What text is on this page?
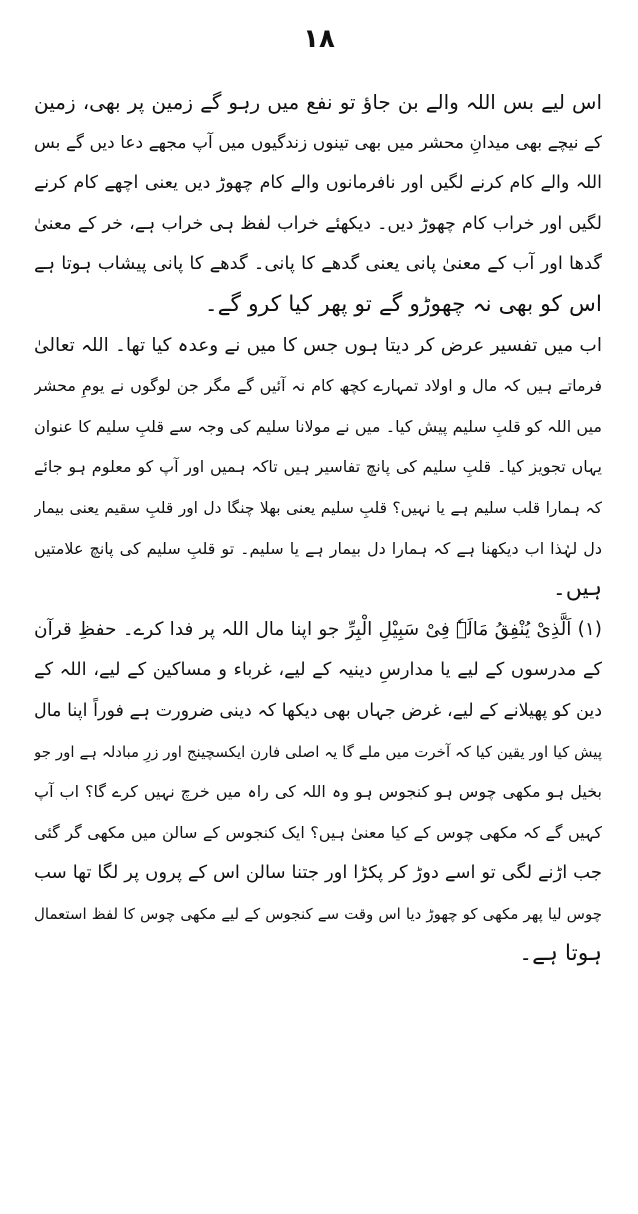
۱۸
اس لیے بس اللہ والے بن جاؤ تو نفع میں رہو گے زمین پر بھی، زمین
کے نیچے بھی میدانِ محشر میں بھی تینوں زندگیوں میں آپ مجھے دعا دیں گے بس
اللہ والے کام کرنے لگیں اور نافرمانوں والے کام چھوڑ دیں یعنی اچھے کام کرنے
لگیں اور خراب کام چھوڑ دیں۔ دیکھئے خراب لفظ ہی خراب ہے، خر کے معنیٰ
گدھا اور آب کے معنیٰ پانی یعنی گدھے کا پانی۔ گدھے کا پانی پیشاب ہوتا ہے
اس کو بھی نہ چھوڑو گے تو پھر کیا کرو گے۔
اب میں تفسیر عرض کر دیتا ہوں جس کا میں نے وعدہ کیا تھا۔ اللہ تعالیٰ
فرماتے ہیں کہ مال و اولاد تمہارے کچھ کام نہ آئیں گے مگر جن لوگوں نے یومِ محشر
میں اللہ کو قلبِ سلیم پیش کیا۔ میں نے مولانا سلیم کی وجہ سے قلبِ سلیم کا عنوان
یہاں تجویز کیا۔ قلبِ سلیم کی پانچ تفاسیر ہیں تاکہ ہمیں اور آپ کو معلوم ہو جائے
کہ ہمارا قلب سلیم ہے یا نہیں؟ قلبِ سلیم یعنی بھلا چنگا دل اور قلبِ سقیم یعنی بیمار
دل لہٰذا اب دیکھنا ہے کہ ہمارا دل بیمار ہے یا سلیم۔ تو قلبِ سلیم کی پانچ علامتیں
ہیں۔
(۱) اَلَّذِیْ یُنْفِقُ مَالَہٗ فِیْ سَبِیْلِ الْبِرِّ جو اپنا مال اللہ پر فدا کرے۔ حفظِ قرآن
کے مدرسوں کے لیے یا مدارسِ دینیہ کے لیے، غرباء و مساکین کے لیے، اللہ کے
دین کو پھیلانے کے لیے، غرض جہاں بھی دیکھا کہ دینی ضرورت ہے فوراً اپنا مال
پیش کیا اور یقین کیا کہ آخرت میں ملے گا یہ اصلی فارن ایکسچینج اور زرِ مبادلہ ہے اور جو
بخیل ہو مکھی چوس ہو کنجوس ہو وہ اللہ کی راہ میں خرچ نہیں کرے گا؟ اب آپ
کہیں گے کہ مکھی چوس کے کیا معنیٰ ہیں؟ ایک کنجوس کے سالن میں مکھی گر گئی
جب اڑنے لگی تو اسے دوڑ کر پکڑا اور جتنا سالن اس کے پروں پر لگا تھا سب
چوس لیا پھر مکھی کو چھوڑ دیا اس وقت سے کنجوس کے لیے مکھی چوس کا لفظ استعمال
ہوتا ہے۔
